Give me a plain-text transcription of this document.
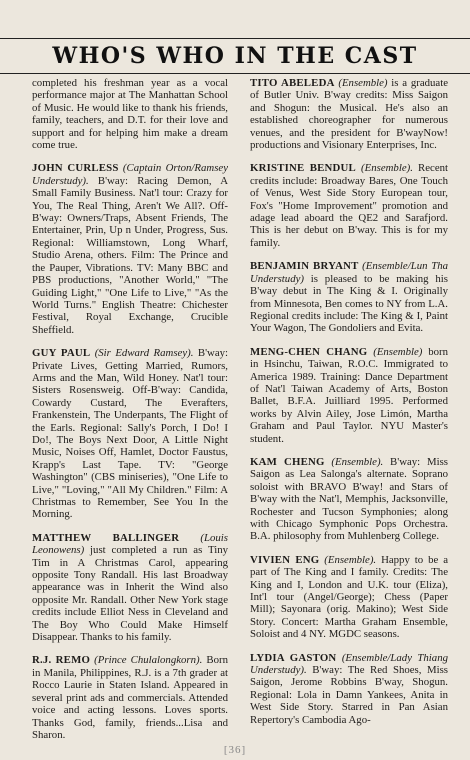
WHO'S WHO IN THE CAST

completed his freshman year as a vocal performance major at The Manhattan School of Music. He would like to thank his friends, family, teachers, and D.T. for their love and support and for helping him make a dream come true.

JOHN CURLESS (Captain Orton/Ramsey Understudy). B'way: Racing Demon, A Small Family Business. Nat'l tour: Crazy for You, The Real Thing, Aren't We All?. Off-B'way: Owners/Traps, Absent Friends, The Entertainer, Prin, Up n Under, Progress, Sus. Regional: Williamstown, Long Wharf, Studio Arena, others. Film: The Prince and the Pauper, Vibrations. TV: Many BBC and PBS productions, "Another World," "The Guiding Light," "One Life to Live," "As the World Turns." English Theatre: Chichester Festival, Royal Exchange, Crucible Sheffield.

GUY PAUL (Sir Edward Ramsey). B'way: Private Lives, Getting Married, Rumors, Arms and the Man, Wild Honey. Nat'l tour: Sisters Rosensweig. Off-B'way: Candida, Cowardy Custard, The Everafters, Frankenstein, The Underpants, The Flight of the Earls. Regional: Sally's Porch, I Do! I Do!, The Boys Next Door, A Little Night Music, Noises Off, Hamlet, Doctor Faustus, Krapp's Last Tape. TV: "George Washington" (CBS miniseries), "One Life to Live," "Loving," "All My Children." Film: A Christmas to Remember, See You In the Morning.

MATTHEW BALLINGER (Louis Leonowens) just completed a run as Tiny Tim in A Christmas Carol, appearing opposite Tony Randall. His last Broadway appearance was in Inherit the Wind also opposite Mr. Randall. Other New York stage credits include Elliot Ness in Cleveland and The Boy Who Could Make Himself Disappear. Thanks to his family.

R.J. REMO (Prince Chulalongkorn). Born in Manila, Philippines, R.J. is a 7th grader at Rocco Laurie in Staten Island. Appeared in several print ads and commercials. Attended voice and acting lessons. Loves sports. Thanks God, family, friends...Lisa and Sharon.

TITO ABELEDA (Ensemble) is a graduate of Butler Univ. B'way credits: Miss Saigon and Shogun: the Musical. He's also an established choreographer for numerous venues, and the president for B'wayNow! productions and Visionary Enterprises, Inc.

KRISTINE BENDUL (Ensemble). Recent credits include: Broadway Bares, One Touch of Venus, West Side Story European tour, Fox's "Home Improvement" promotion and adage lead aboard the QE2 and Sarafjord. This is her debut on B'way. This is for my family.

BENJAMIN BRYANT (Ensemble/Lun Tha Understudy) is pleased to be making his B'way debut in The King & I. Originally from Minnesota, Ben comes to NY from L.A. Regional credits include: The King & I, Paint Your Wagon, The Gondoliers and Evita.

MENG-CHEN CHANG (Ensemble) born in Hsinchu, Taiwan, R.O.C. Immigrated to America 1989. Training: Dance Department of Nat'l Taiwan Academy of Arts, Boston Ballet, B.F.A. Juilliard 1995. Performed works by Alvin Ailey, Jose Limón, Martha Graham and Paul Taylor. NYU Master's student.

KAM CHENG (Ensemble). B'way: Miss Saigon as Lea Salonga's alternate. Soprano soloist with BRAVO B'way! and Stars of B'way with the Nat'l, Memphis, Jacksonville, Rochester and Tucson Symphonies; along with Chicago Symphonic Pops Orchestra. B.A. philosophy from Muhlenberg College.

VIVIEN ENG (Ensemble). Happy to be a part of The King and I family. Credits: The King and I, London and U.K. tour (Eliza), Int'l tour (Angel/George); Chess (Paper Mill); Sayonara (orig. Makino); West Side Story. Concert: Martha Graham Ensemble, Soloist and 4 NY. MGDC seasons.

LYDIA GASTON (Ensemble/Lady Thiang Understudy). B'way: The Red Shoes, Miss Saigon, Jerome Robbins B'way, Shogun. Regional: Lola in Damn Yankees, Anita in West Side Story. Starred in Pan Asian Repertory's Cambodia Ago-

[36]
